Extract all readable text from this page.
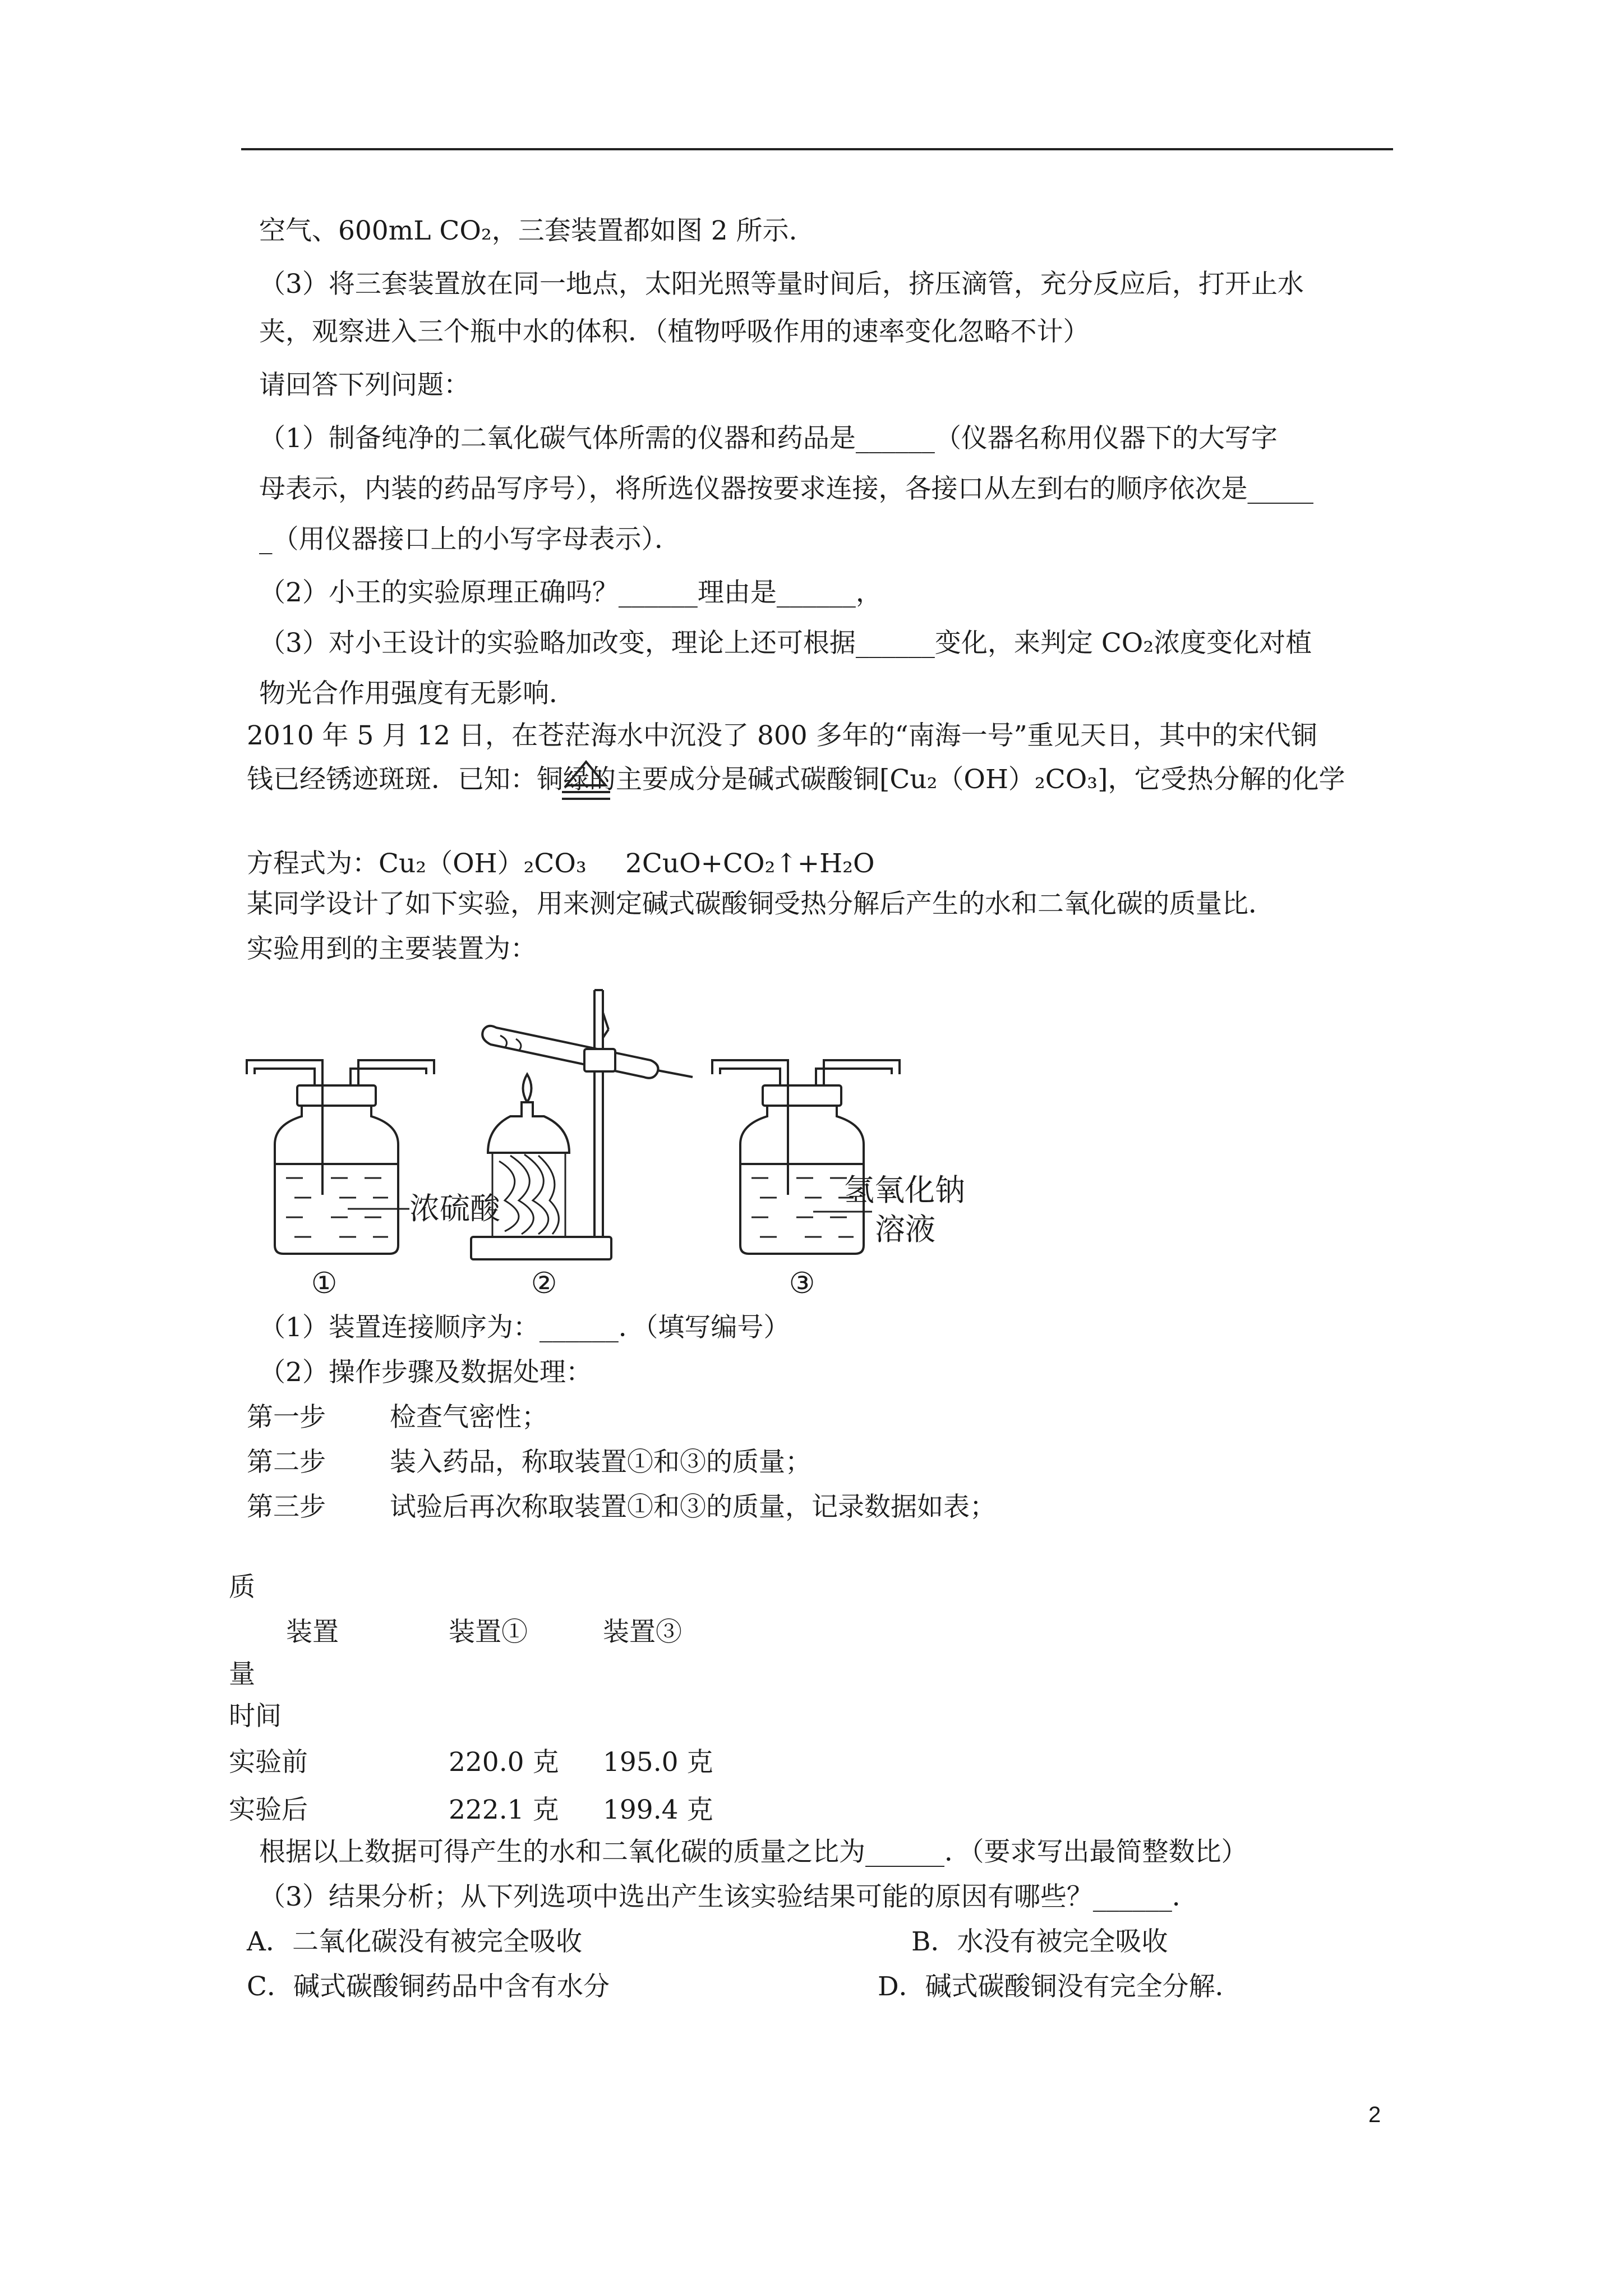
空气、600mL CO₂，三套装置都如图 2 所示.
（3）将三套装置放在同一地点，太阳光照等量时间后，挤压滴管，充分反应后，打开止水
夹，观察进入三个瓶中水的体积．（植物呼吸作用的速率变化忽略不计）
请回答下列问题：
（1）制备纯净的二氧化碳气体所需的仪器和药品是______（仪器名称用仪器下的大写字
母表示，内装的药品写序号），将所选仪器按要求连接，各接口从左到右的顺序依次是_____
_（用仪器接口上的小写字母表示）．
（2）小王的实验原理正确吗？______理由是______，
（3）对小王设计的实验略加改变，理论上还可根据______变化，来判定 CO₂浓度变化对植
物光合作用强度有无影响．
2010 年 5 月 12 日，在苍茫海水中沉没了 800 多年的“南海一号”重见天日，其中的宋代铜
钱已经锈迹斑斑．已知：铜绿的主要成分是碱式碳酸铜[Cu₂（OH）₂CO₃]，它受热分解的化学
方程式为：Cu₂（OH）₂CO₃ 2CuO+CO₂↑+H₂O
某同学设计了如下实验，用来测定碱式碳酸铜受热分解后产生的水和二氧化碳的质量比．
实验用到的主要装置为：
浓硫酸
①	②
氢氧化钠
溶液
③
（1）装置连接顺序为：______．（填写编号）
（2）操作步骤及数据处理：
第一步 检查气密性；
第二步 装入药品，称取装置①和③的质量；
第三步 试验后再次称取装置①和③的质量，记录数据如表；
质
装置	装置①	装置③
量
时间
实验前	220.0 克 195.0 克
实验后	222.1 克 199.4 克
根据以上数据可得产生的水和二氧化碳的质量之比为______．（要求写出最简整数比）
（3）结果分析；从下列选项中选出产生该实验结果可能的原因有哪些？______．
A．二氧化碳没有被完全吸收	B．水没有被完全吸收
C．碱式碳酸铜药品中含有水分	D．碱式碳酸铜没有完全分解．
2
